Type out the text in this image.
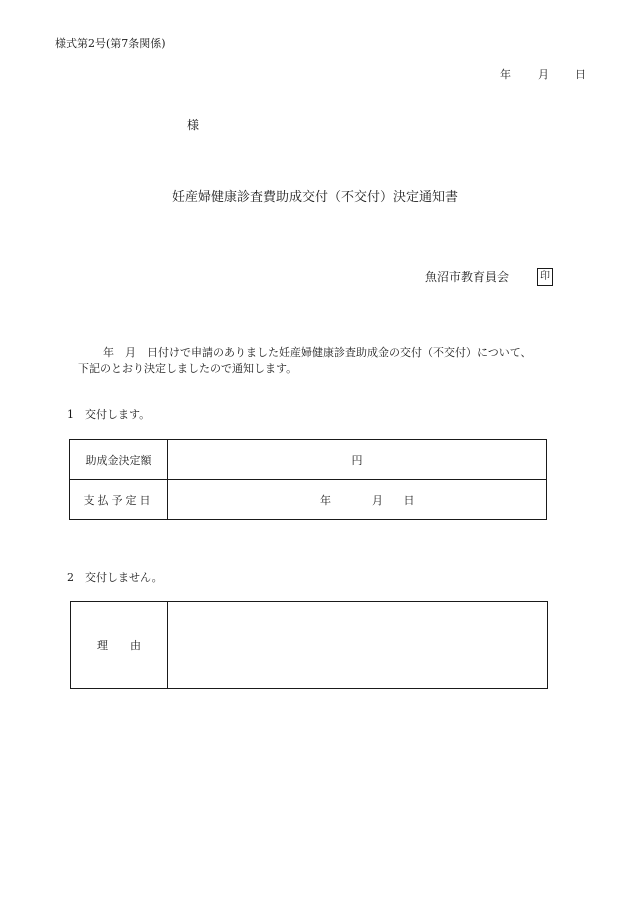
様式第2号(第7条関係)
年 月 日
様
妊産婦健康診査費助成交付（不交付）決定通知書
魚沼市教育員会	印
年　月　日付けで申請のありました妊産婦健康診査助成金の交付（不交付）について、
下記のとおり決定しましたので通知します。
1　交付します。
助成金決定額	円
支払予定日	年 月 日
2　交付しません。
理　　由	
